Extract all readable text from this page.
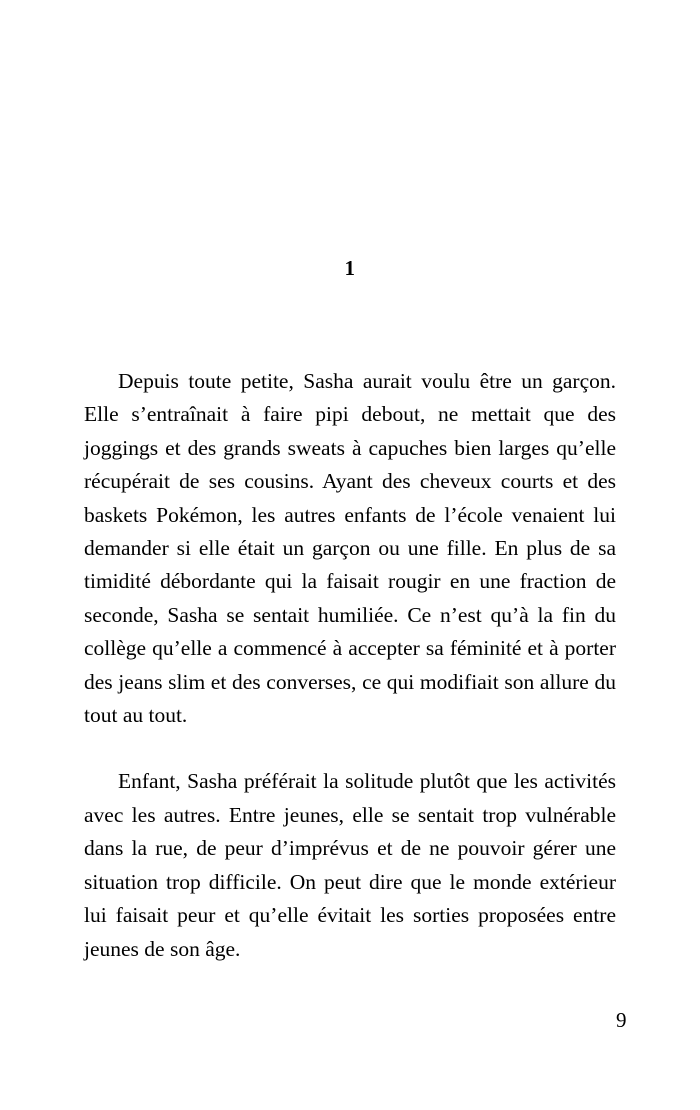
1

Depuis toute petite, Sasha aurait voulu être un garçon. Elle s’entraînait à faire pipi debout, ne mettait que des joggings et des grands sweats à capuches bien larges qu’elle récupérait de ses cousins. Ayant des cheveux courts et des baskets Pokémon, les autres enfants de l’école venaient lui demander si elle était un garçon ou une fille. En plus de sa timidité débordante qui la faisait rougir en une fraction de seconde, Sasha se sentait humiliée. Ce n’est qu’à la fin du collège qu’elle a commencé à accepter sa féminité et à porter des jeans slim et des converses, ce qui modifiait son allure du tout au tout.

Enfant, Sasha préférait la solitude plutôt que les activités avec les autres. Entre jeunes, elle se sentait trop vulnérable dans la rue, de peur d’imprévus et de ne pouvoir gérer une situation trop difficile. On peut dire que le monde extérieur lui faisait peur et qu’elle évitait les sorties proposées entre jeunes de son âge.

9
